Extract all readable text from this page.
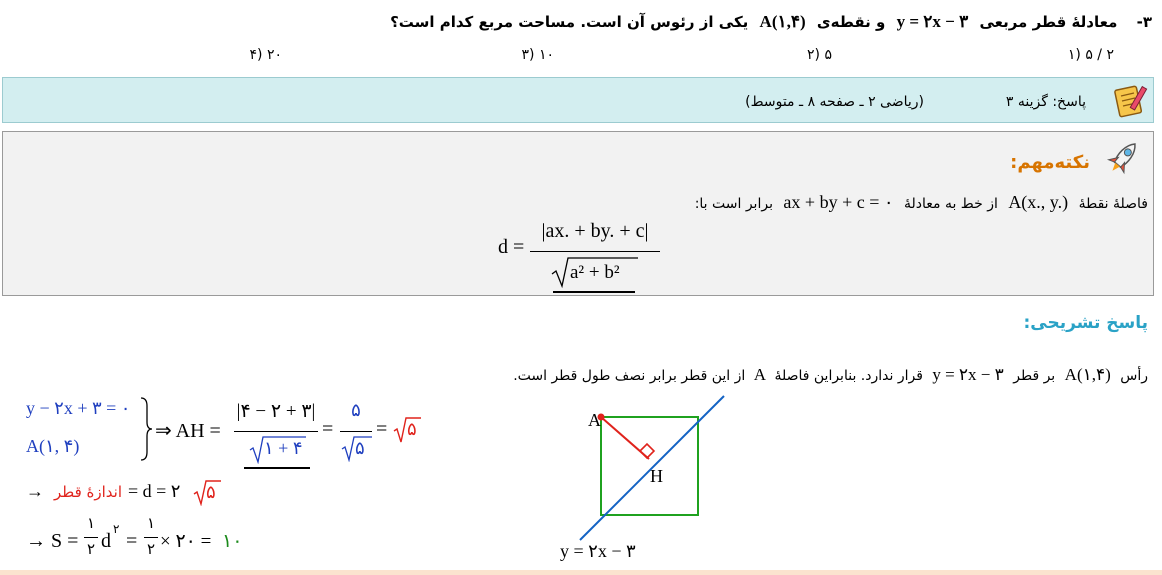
۳- معادلهٔ قطر مربعی y = ۲x − ۳ و نقطه‌ی A(۱,۴) یکی از رئوس آن است. مساحت مربع کدام است؟
۲ / ۵ (۱
۵ (۲
۱۰ (۳
۲۰ (۴
پاسخ: گزینه ۳
(ریاضی ۲ ـ صفحه ۸ ـ متوسط)
نکته‌مهم:
فاصلهٔ نقطهٔ A(x., y.) از خط به معادلهٔ ax + by + c = ۰ برابر است با:
d =
|ax. + by. + c|
a² + b²
پاسخ تشریحی:
رأس A(۱,۴) بر قطر y = ۲x − ۳ قرار ندارد. بنابراین فاصلهٔ A از این قطر برابر نصف طول قطر است.
y − ۲x + ۳ = ۰
A(۱, ۴)
⇒ AH =
|۴ − ۲ + ۳|
۱ + ۴
=
۵
۵
= ۵
→ اندازهٔ قطر = d = ۲ ۵
→ S =
۱
۲ d
۲
=
۱
۲ × ۲۰ = ۱۰
A
H
y = ۲x − ۳
